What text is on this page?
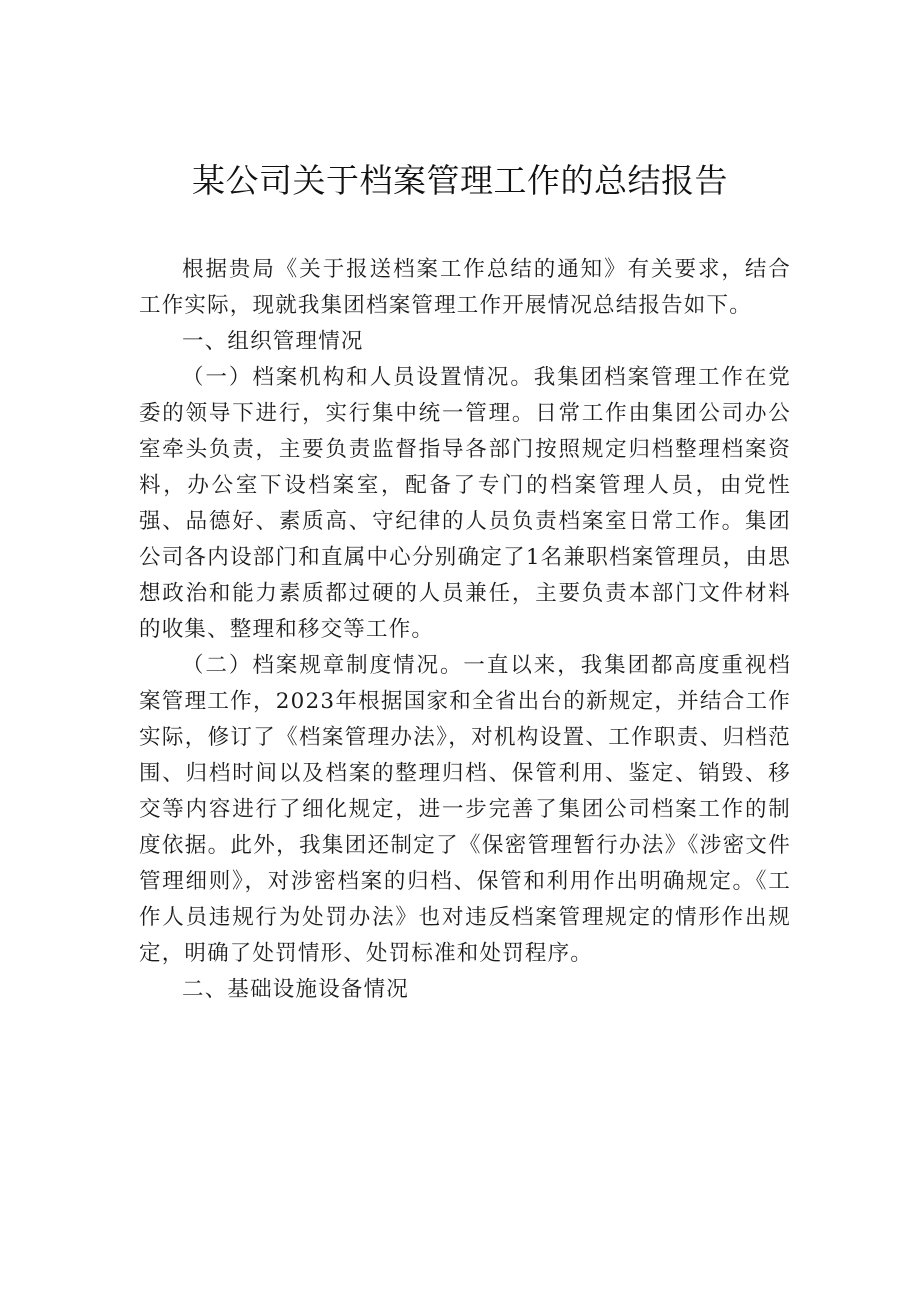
某公司关于档案管理工作的总结报告

根据贵局《关于报送档案工作总结的通知》有关要求，结合工作实际，现就我集团档案管理工作开展情况总结报告如下。

一、组织管理情况

（一）档案机构和人员设置情况。我集团档案管理工作在党委的领导下进行，实行集中统一管理。日常工作由集团公司办公室牵头负责，主要负责监督指导各部门按照规定归档整理档案资料，办公室下设档案室，配备了专门的档案管理人员，由党性强、品德好、素质高、守纪律的人员负责档案室日常工作。集团公司各内设部门和直属中心分别确定了1名兼职档案管理员，由思想政治和能力素质都过硬的人员兼任，主要负责本部门文件材料的收集、整理和移交等工作。

（二）档案规章制度情况。一直以来，我集团都高度重视档案管理工作，2023年根据国家和全省出台的新规定，并结合工作实际，修订了《档案管理办法》，对机构设置、工作职责、归档范围、归档时间以及档案的整理归档、保管利用、鉴定、销毁、移交等内容进行了细化规定，进一步完善了集团公司档案工作的制度依据。此外，我集团还制定了《保密管理暂行办法》《涉密文件管理细则》，对涉密档案的归档、保管和利用作出明确规定。《工作人员违规行为处罚办法》也对违反档案管理规定的情形作出规定，明确了处罚情形、处罚标准和处罚程序。

二、基础设施设备情况
